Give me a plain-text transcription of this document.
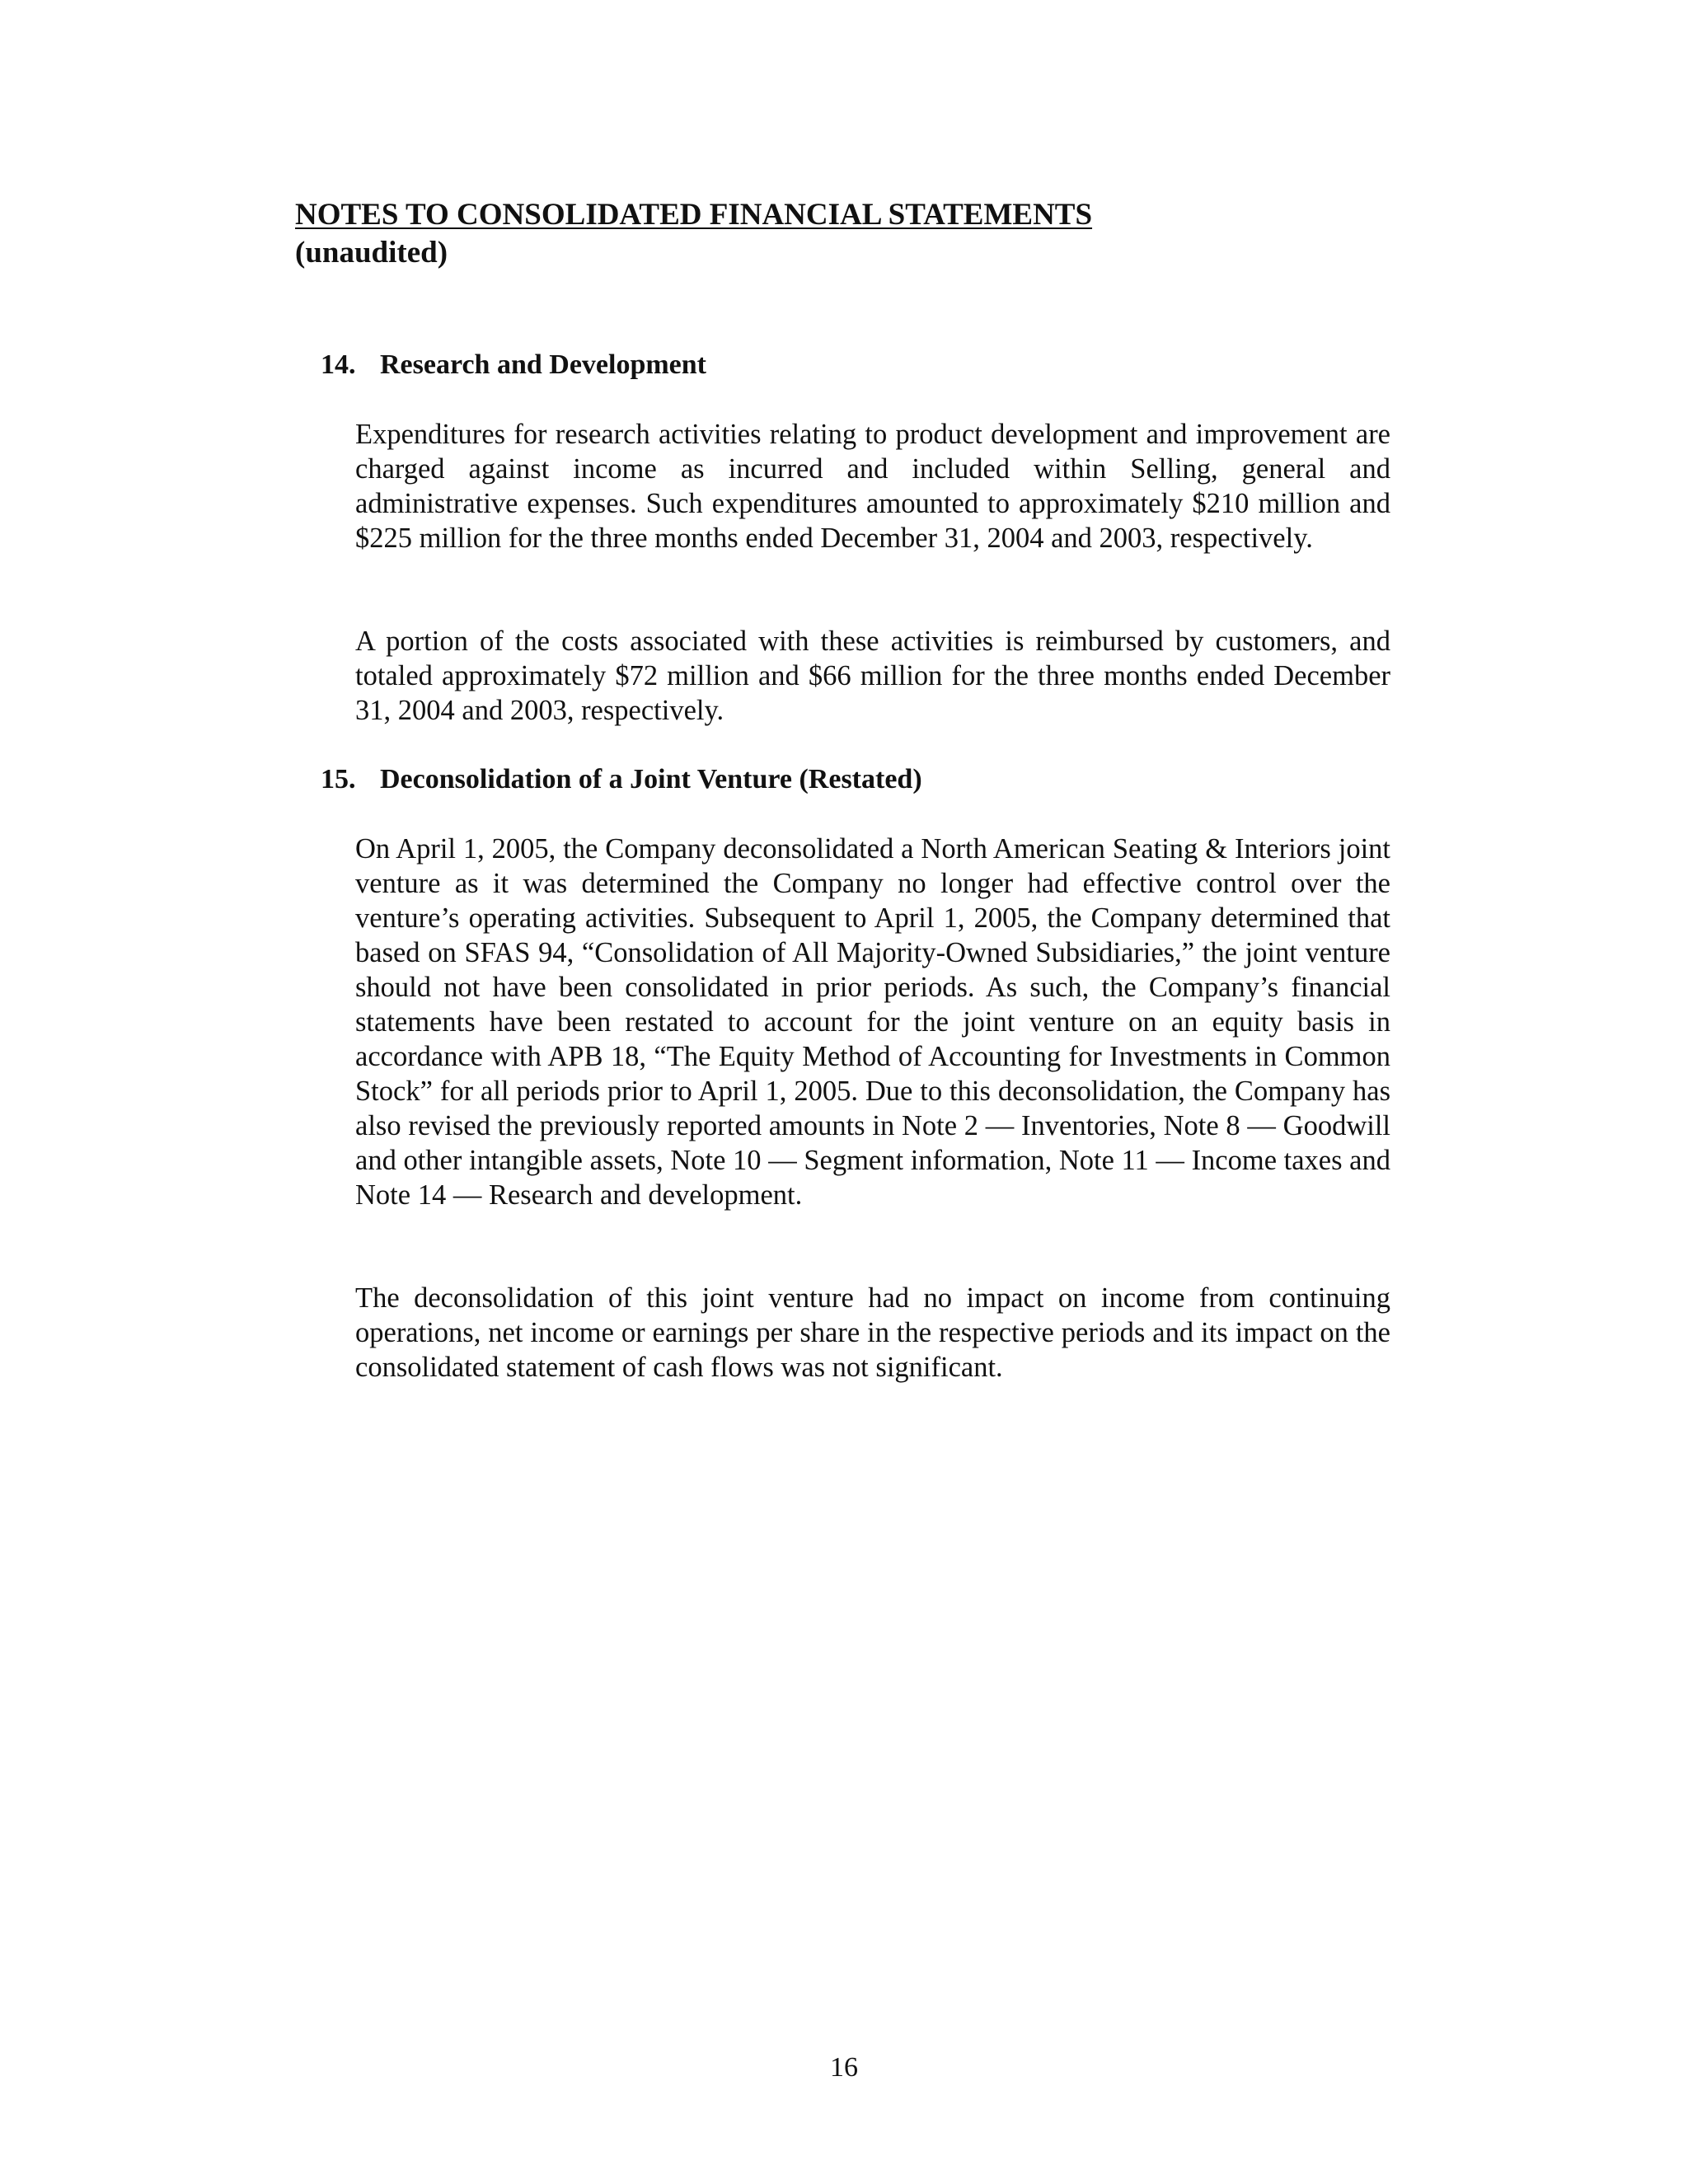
NOTES TO CONSOLIDATED FINANCIAL STATEMENTS
(unaudited)
14. Research and Development

Expenditures for research activities relating to product development and improvement are charged against income as incurred and included within Selling, general and administrative expenses. Such expenditures amounted to approximately $210 million and $225 million for the three months ended December 31, 2004 and 2003, respectively.

A portion of the costs associated with these activities is reimbursed by customers, and totaled approximately $72 million and $66 million for the three months ended December 31, 2004 and 2003, respectively.

15. Deconsolidation of a Joint Venture (Restated)

On April 1, 2005, the Company deconsolidated a North American Seating & Interiors joint venture as it was determined the Company no longer had effective control over the venture’s operating activities. Subsequent to April 1, 2005, the Company determined that based on SFAS 94, “Consolidation of All Majority-Owned Subsidiaries,” the joint venture should not have been consolidated in prior periods. As such, the Company’s financial statements have been restated to account for the joint venture on an equity basis in accordance with APB 18, “The Equity Method of Accounting for Investments in Common Stock” for all periods prior to April 1, 2005. Due to this deconsolidation, the Company has also revised the previously reported amounts in Note 2 — Inventories, Note 8 — Goodwill and other intangible assets, Note 10 — Segment information, Note 11 — Income taxes and Note 14 — Research and development.

The deconsolidation of this joint venture had no impact on income from continuing operations, net income or earnings per share in the respective periods and its impact on the consolidated statement of cash flows was not significant.

16
